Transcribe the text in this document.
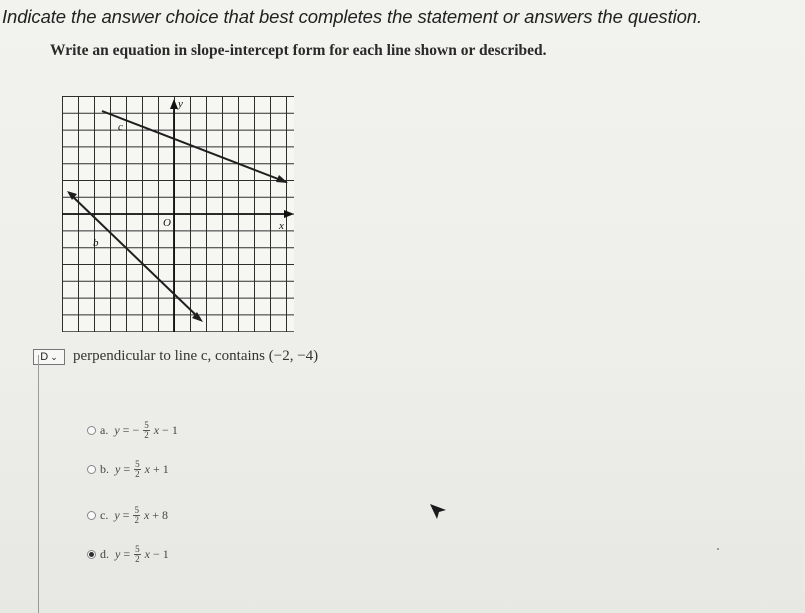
Indicate the answer choice that best completes the statement or answers the question.

Write an equation in slope-intercept form for each line shown or described.

y
x
O
c
b
D ⌄ perpendicular to line c, contains (−2, −4)
a. y = − $\frac{5}{2}$ x − 1
b. $y = \frac{5}{2}$ x + 1
c. $y = \frac{5}{2}$ x + 8
d. $y = \frac{5}{2}$ x − 1
